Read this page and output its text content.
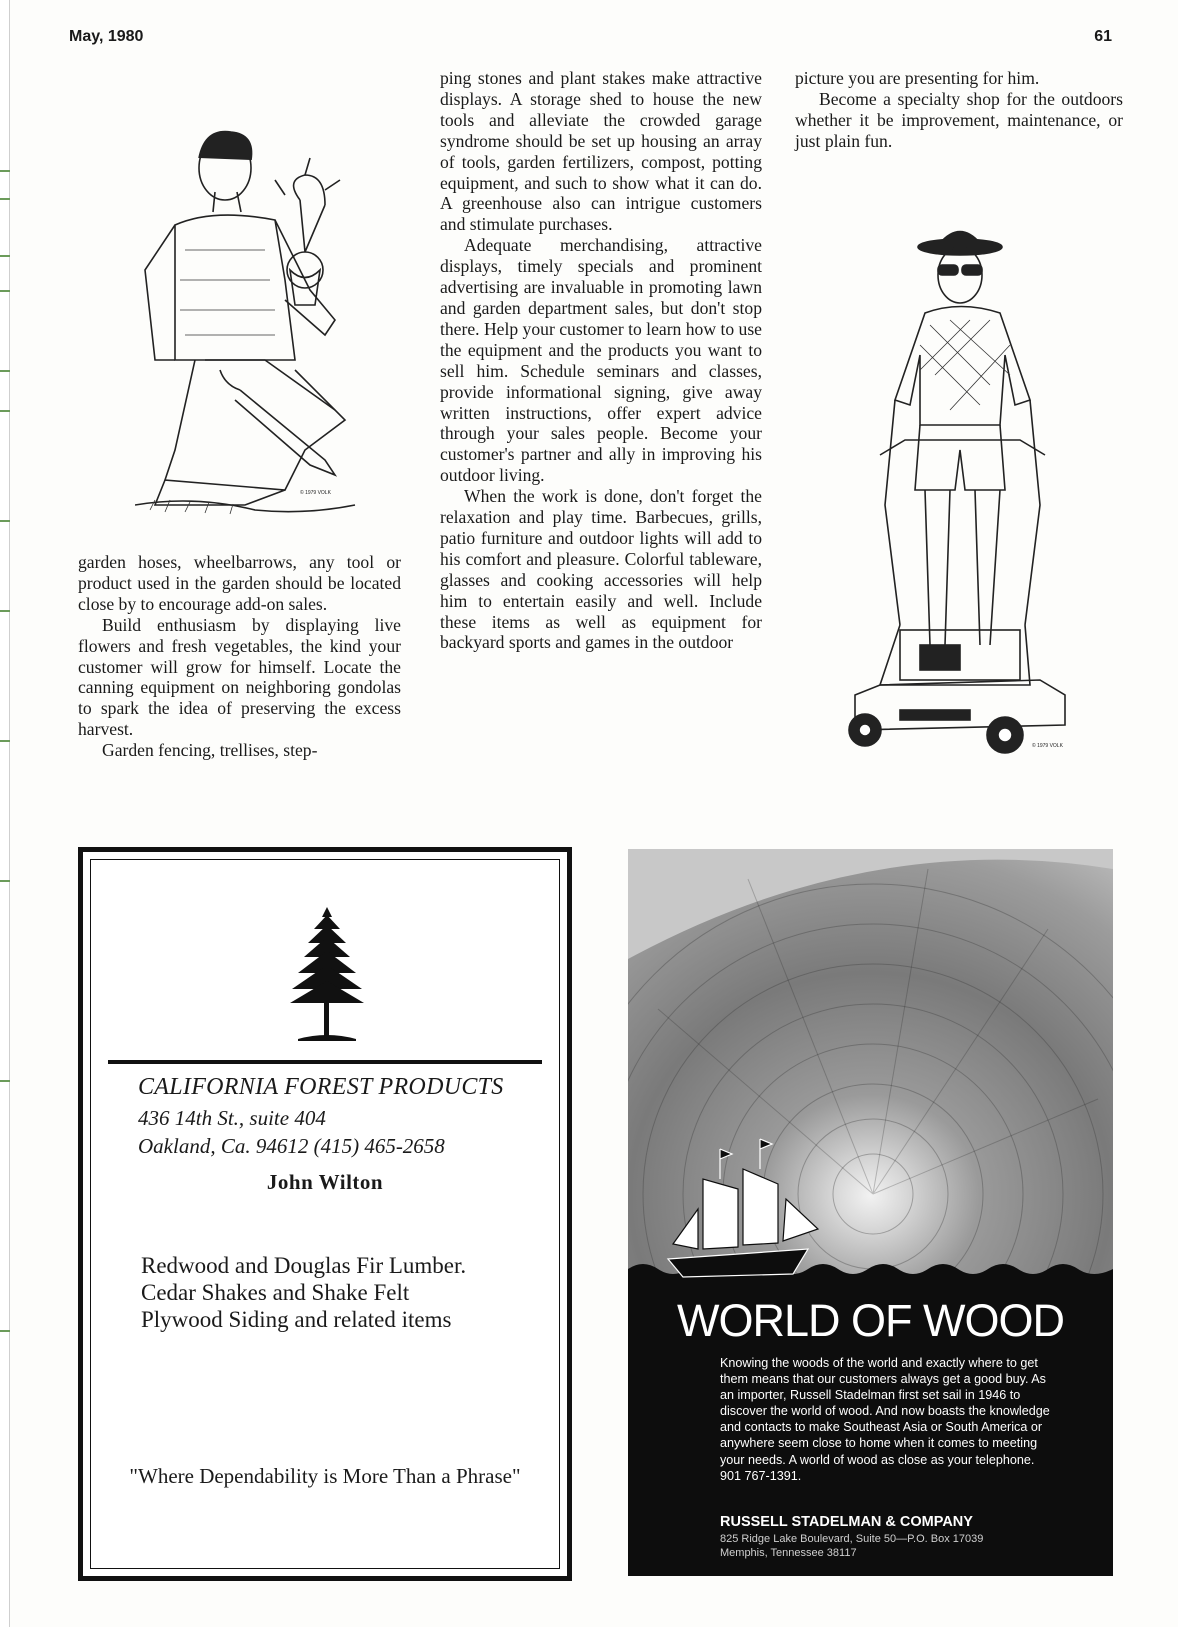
May, 1980	61
© 1979 VOLK

garden hoses, wheelbarrows, any tool or product used in the garden should be located close by to encourage add-on sales.

Build enthusiasm by displaying live flowers and fresh vegetables, the kind your customer will grow for himself. Locate the canning equipment on neighboring gondolas to spark the idea of preserving the excess harvest.

Garden fencing, trellises, step-

ping stones and plant stakes make attractive displays. A storage shed to house the new tools and alleviate the crowded garage syndrome should be set up housing an array of tools, garden fertilizers, compost, potting equipment, and such to show what it can do. A greenhouse also can intrigue customers and stimulate purchases.

Adequate merchandising, attractive displays, timely specials and prominent advertising are invaluable in promoting lawn and garden department sales, but don't stop there. Help your customer to learn how to use the equipment and the products you want to sell him. Schedule seminars and classes, provide informational signing, give away written instructions, offer expert advice through your sales people. Become your customer's partner and ally in improving his outdoor living.

When the work is done, don't forget the relaxation and play time. Barbecues, grills, patio furniture and outdoor lights will add to his comfort and pleasure. Colorful tableware, glasses and cooking accessories will help him to entertain easily and well. Include these items as well as equipment for backyard sports and games in the outdoor

picture you are presenting for him.

Become a specialty shop for the outdoors whether it be improvement, maintenance, or just plain fun.

© 1979 VOLK
CALIFORNIA FOREST PRODUCTS
436 14th St., suite 404
Oakland, Ca. 94612 (415) 465-2658
John Wilton
Redwood and Douglas Fir Lumber.
Cedar Shakes and Shake Felt
Plywood Siding and related items
"Where Dependability is More Than a Phrase"
WORLD OF WOOD
Knowing the woods of the world and exactly where to get them means that our customers always get a good buy. As an importer, Russell Stadelman first set sail in 1946 to discover the world of wood. And now boasts the knowledge and contacts to make Southeast Asia or South America or anywhere seem close to home when it comes to meeting your needs. A world of wood as close as your telephone. 901 767-1391.
RUSSELL STADELMAN & COMPANY
825 Ridge Lake Boulevard, Suite 50—P.O. Box 17039
Memphis, Tennessee 38117
